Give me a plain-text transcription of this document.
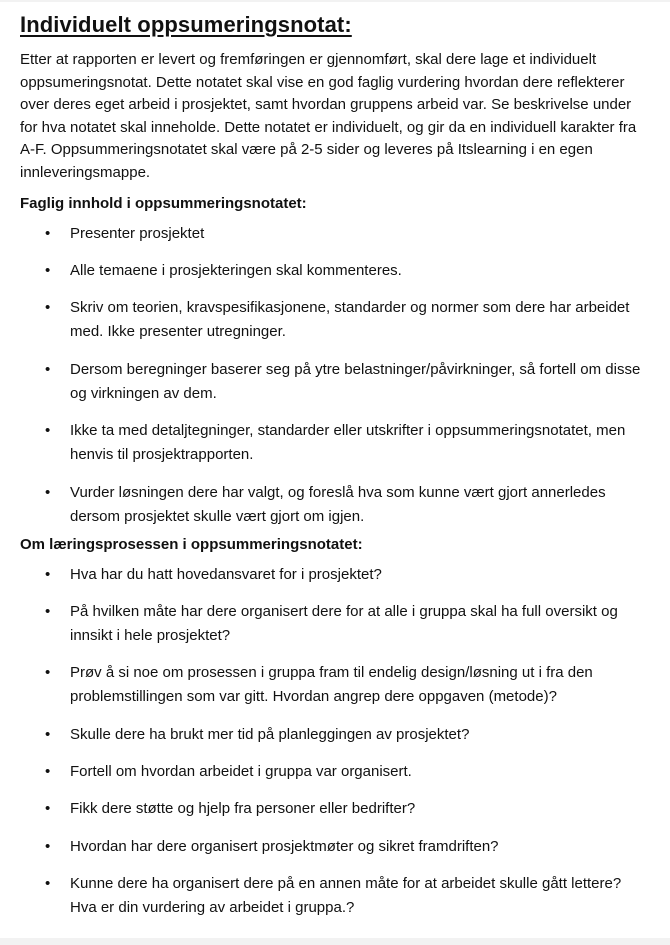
Individuelt oppsumeringsnotat:

Etter at rapporten er levert og fremføringen er gjennomført, skal dere lage et individuelt oppsumeringsnotat. Dette notatet skal vise en god faglig vurdering hvordan dere reflekterer over deres eget arbeid i prosjektet, samt hvordan gruppens arbeid var. Se beskrivelse under for hva notatet skal inneholde. Dette notatet er individuelt, og gir da en individuell karakter fra A-F. Oppsummeringsnotatet skal være på 2-5 sider og leveres på Itslearning i en egen innleveringsmappe.

Faglig innhold i oppsummeringsnotatet:
• Presenter prosjektet
• Alle temaene i prosjekteringen skal kommenteres.
• Skriv om teorien, kravspesifikasjonene, standarder og normer som dere har arbeidet med. Ikke presenter utregninger.
• Dersom beregninger baserer seg på ytre belastninger/påvirkninger, så fortell om disse og virkningen av dem.
• Ikke ta med detaljtegninger, standarder eller utskrifter i oppsummeringsnotatet, men henvis til prosjektrapporten.
• Vurder løsningen dere har valgt, og foreslå hva som kunne vært gjort annerledes dersom prosjektet skulle vært gjort om igjen.
Om læringsprosessen i oppsummeringsnotatet:
• Hva har du hatt hovedansvaret for i prosjektet?
• På hvilken måte har dere organisert dere for at alle i gruppa skal ha full oversikt og innsikt i hele prosjektet?
• Prøv å si noe om prosessen i gruppa fram til endelig design/løsning ut i fra den problemstillingen som var gitt. Hvordan angrep dere oppgaven (metode)?
• Skulle dere ha brukt mer tid på planleggingen av prosjektet?
• Fortell om hvordan arbeidet i gruppa var organisert.
• Fikk dere støtte og hjelp fra personer eller bedrifter?
• Hvordan har dere organisert prosjektmøter og sikret framdriften?
• Kunne dere ha organisert dere på en annen måte for at arbeidet skulle gått lettere? Hva er din vurdering av arbeidet i gruppa.?
